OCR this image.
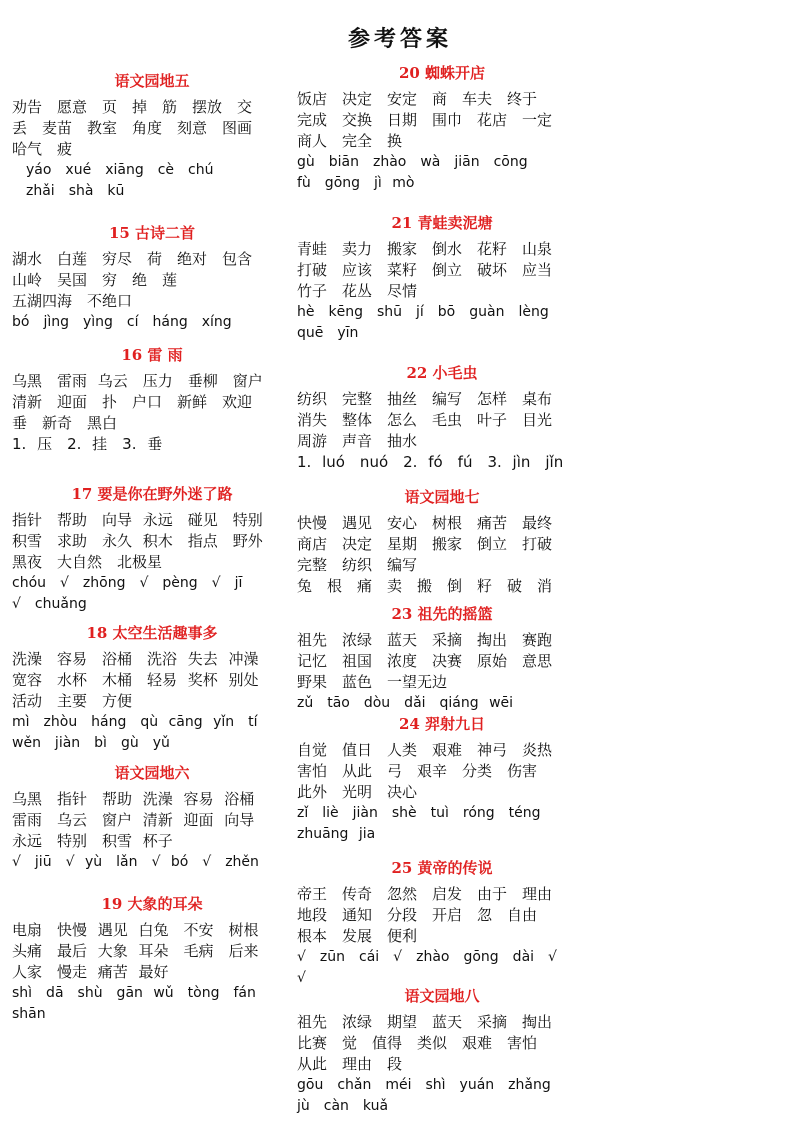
参考答案
语文园地五
劝告　愿意　页　掉　筋　摆放　交
丢　麦苗　教室　角度　刻意　图画
哈气　疲
　yáo　xué　xiāng　cè　chú
　zhǎi　shà　kū
15 古诗二首
湖水　白莲　穷尽　荷　绝对　包含
山岭　吴国　穷　绝　莲
五湖四海　不绝口
bó　jìng　yìng　cí　háng　xíng
16 雷 雨
乌黑　雷雨 乌云　压力　垂柳　窗户
清新　迎面　扑　户口　新鲜　欢迎
垂　新奇　黑白
1. 压　2. 挂　3. 垂
17 要是你在野外迷了路
指针　帮助　向导 永远　碰见　特别
积雪　求助　永久 积木　指点　野外
黑夜　大自然　北极星
chóu　√　zhōng　√　pèng　√　jī
√　chuǎng
18 太空生活趣事多
洗澡　容易　浴桶　洗浴 失去 冲澡
宽容　水杯　木桶　轻易 奖杯 别处
活动　主要　方便
mì　zhòu　háng　qù cāng yǐn　tí
wěn　jiàn　bì　gù　yǔ
语文园地六
乌黑　指针　帮助 洗澡 容易 浴桶
雷雨　乌云　窗户 清新 迎面 向导
永远　特别　积雪 杯子
√　jiū　√ yù　lǎn　√ bó　√　zhěn
19 大象的耳朵
电扇　快慢 遇见 白兔　不安　树根
头痛　最后 大象 耳朵　毛病　后来
人家　慢走 痛苦 最好
shì　dā　shù　gān wǔ　tòng　fán
shān
20 蜘蛛开店
饭店　决定　安定　商　车夫　终于
完成　交换　日期　围巾　花店　一定
商人　完全　换
gù　biān　zhào　wà　jiān　cōng
fù　gōng　jì mò
21 青蛙卖泥塘
青蛙　卖力　搬家　倒水　花籽　山泉
打破　应该　菜籽　倒立　破坏　应当
竹子　花丛　尽情
hè　kēng　shū　jí　bō　guàn　lèng
quē　yīn
22 小毛虫
纺织　完整　抽丝　编写　怎样　桌布
消失　整体　怎么　毛虫　叶子　目光
周游　声音　抽水
1. luó　nuó　2. fó　fú　3. jìn　jǐn
语文园地七
快慢　遇见　安心　树根　痛苦　最终
商店　决定　星期　搬家　倒立　打破
完整　纺织　编写
兔　根　痛　卖　搬　倒　籽　破　消
23 祖先的摇篮
祖先　浓绿　蓝天　采摘　掏出　赛跑
记忆　祖国　浓度　决赛　原始　意思
野果　蓝色　一望无边
zǔ　tāo　dòu　dǎi　qiáng wēi
24 羿射九日
自觉　值日　人类　艰难　神弓　炎热
害怕　从此　弓　艰辛　分类　伤害
此外　光明　决心
zǐ　liè　jiàn　shè　tuì　róng　téng
zhuāng jia
25 黄帝的传说
帝王　传奇　忽然　启发　由于　理由
地段　通知　分段　开启　忽　自由
根本　发展　便利
√　zūn　cái　√　zhào　gōng　dài　√
√
语文园地八
祖先　浓绿　期望　蓝天　采摘　掏出
比赛　觉　值得　类似　艰难　害怕
从此　理由　段
gōu　chǎn　méi　shì　yuán　zhǎng
jù　càn　kuǎ
